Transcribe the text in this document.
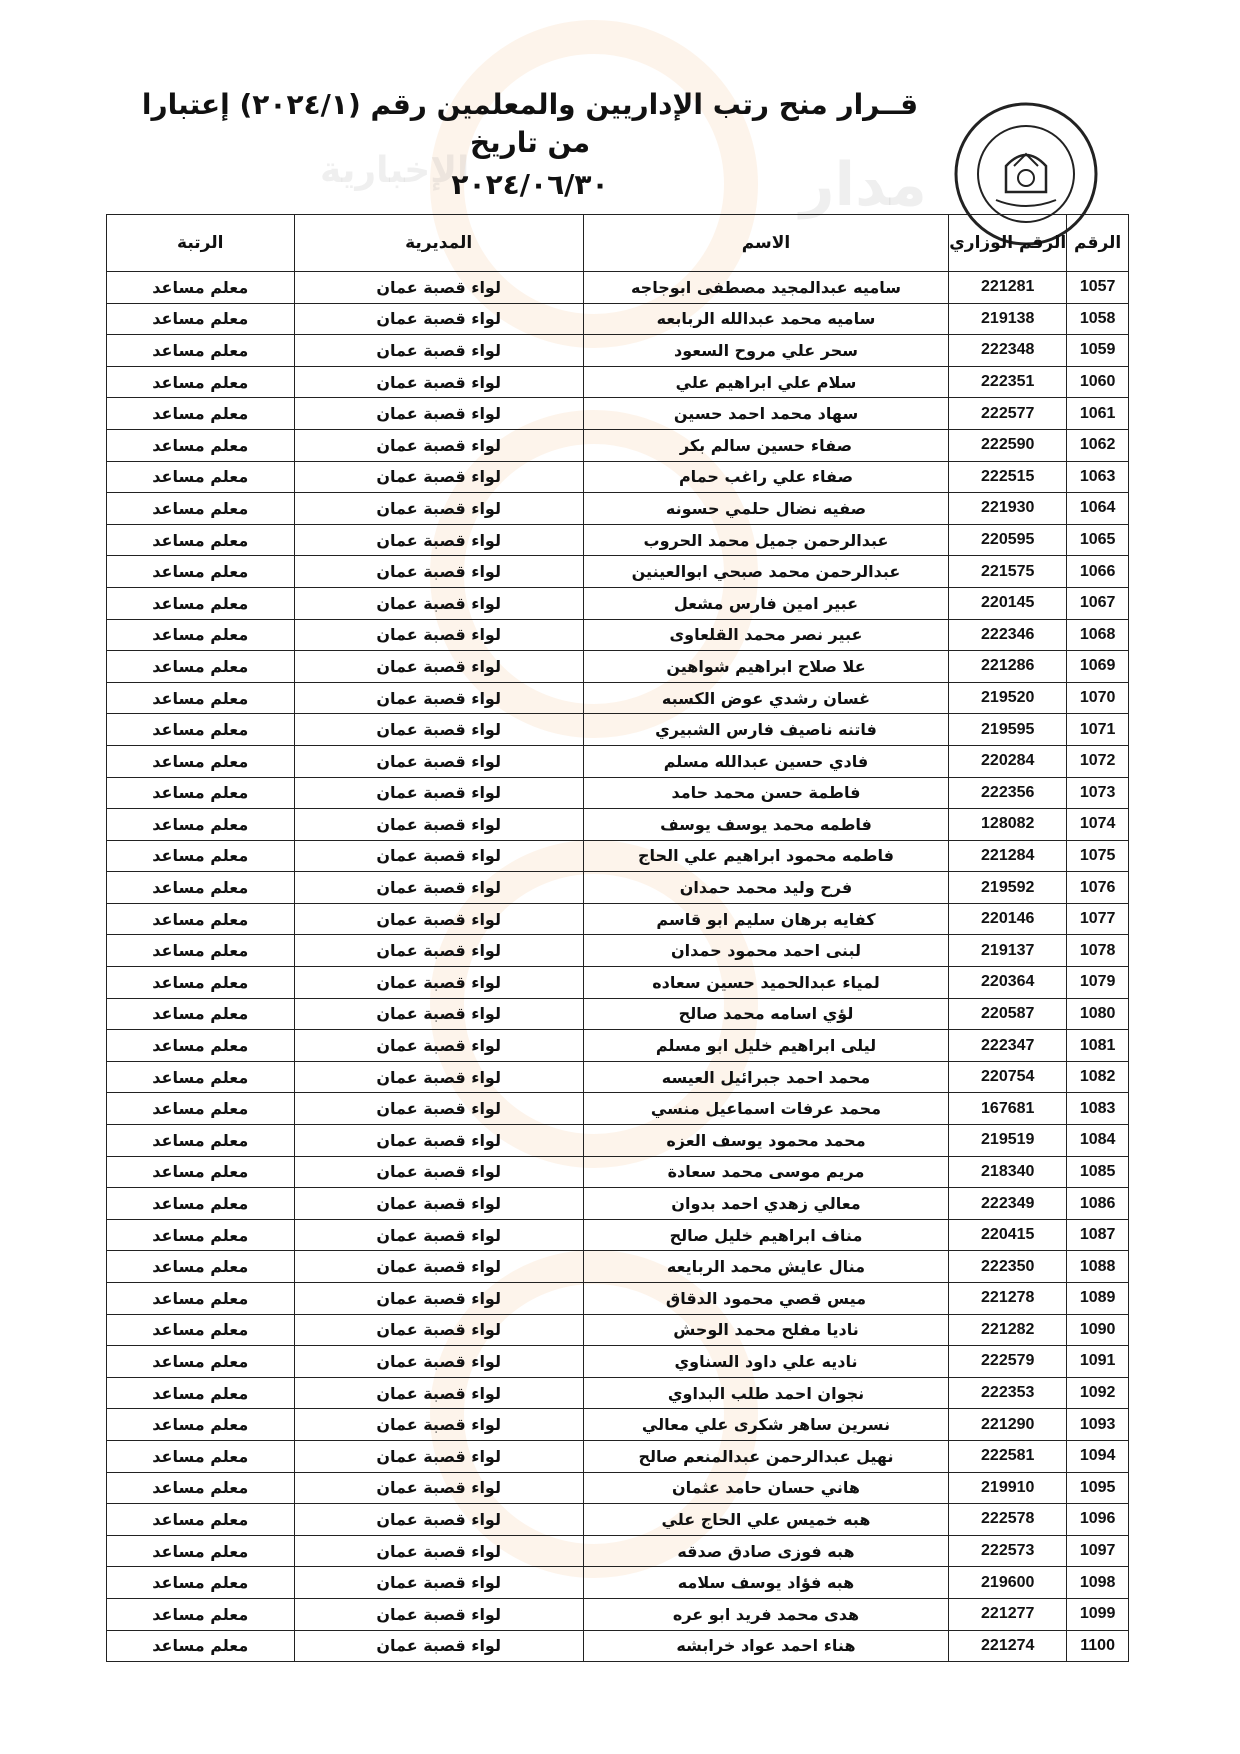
مدار
الإخبارية
قــرار منح رتب الإداريين والمعلمين رقم (٢٠٢٤/١) إعتبارا من تاريخ
٢٠٢٤/٠٦/٣٠
الرقم	الرقم الوزاري	الاسم	المديرية	الرتبة
1057	221281	ساميه عبدالمجيد مصطفى ابوجاجه	لواء قصبة عمان	معلم مساعد
1058	219138	ساميه محمد عبدالله الربابعه	لواء قصبة عمان	معلم مساعد
1059	222348	سحر علي مروح السعود	لواء قصبة عمان	معلم مساعد
1060	222351	سلام علي ابراهيم علي	لواء قصبة عمان	معلم مساعد
1061	222577	سهاد محمد احمد حسين	لواء قصبة عمان	معلم مساعد
1062	222590	صفاء حسين سالم بكر	لواء قصبة عمان	معلم مساعد
1063	222515	صفاء علي راغب حمام	لواء قصبة عمان	معلم مساعد
1064	221930	صفيه نضال حلمي حسونه	لواء قصبة عمان	معلم مساعد
1065	220595	عبدالرحمن جميل محمد الحروب	لواء قصبة عمان	معلم مساعد
1066	221575	عبدالرحمن محمد صبحي ابوالعينين	لواء قصبة عمان	معلم مساعد
1067	220145	عبير امين فارس مشعل	لواء قصبة عمان	معلم مساعد
1068	222346	عبير نصر محمد القلعاوى	لواء قصبة عمان	معلم مساعد
1069	221286	علا صلاح ابراهيم شواهين	لواء قصبة عمان	معلم مساعد
1070	219520	غسان رشدي عوض الكسبه	لواء قصبة عمان	معلم مساعد
1071	219595	فاتنه ناصيف فارس الشبيري	لواء قصبة عمان	معلم مساعد
1072	220284	فادي حسين عبدالله مسلم	لواء قصبة عمان	معلم مساعد
1073	222356	فاطمة حسن محمد حامد	لواء قصبة عمان	معلم مساعد
1074	128082	فاطمه محمد يوسف يوسف	لواء قصبة عمان	معلم مساعد
1075	221284	فاطمه محمود ابراهيم علي الحاج	لواء قصبة عمان	معلم مساعد
1076	219592	فرح وليد محمد حمدان	لواء قصبة عمان	معلم مساعد
1077	220146	كفايه برهان سليم ابو قاسم	لواء قصبة عمان	معلم مساعد
1078	219137	لبنى احمد محمود حمدان	لواء قصبة عمان	معلم مساعد
1079	220364	لمياء عبدالحميد حسين سعاده	لواء قصبة عمان	معلم مساعد
1080	220587	لؤي اسامه محمد صالح	لواء قصبة عمان	معلم مساعد
1081	222347	ليلى ابراهيم خليل ابو مسلم	لواء قصبة عمان	معلم مساعد
1082	220754	محمد احمد جبرائيل العيسه	لواء قصبة عمان	معلم مساعد
1083	167681	محمد عرفات اسماعيل منسي	لواء قصبة عمان	معلم مساعد
1084	219519	محمد محمود يوسف العزه	لواء قصبة عمان	معلم مساعد
1085	218340	مريم موسى محمد سعادة	لواء قصبة عمان	معلم مساعد
1086	222349	معالي زهدي احمد بدوان	لواء قصبة عمان	معلم مساعد
1087	220415	مناف ابراهيم خليل صالح	لواء قصبة عمان	معلم مساعد
1088	222350	منال عايش محمد الربايعه	لواء قصبة عمان	معلم مساعد
1089	221278	ميس قصي محمود الدقاق	لواء قصبة عمان	معلم مساعد
1090	221282	ناديا مفلح محمد الوحش	لواء قصبة عمان	معلم مساعد
1091	222579	ناديه علي داود السناوي	لواء قصبة عمان	معلم مساعد
1092	222353	نجوان احمد طلب البداوي	لواء قصبة عمان	معلم مساعد
1093	221290	نسرين ساهر شكرى علي معالي	لواء قصبة عمان	معلم مساعد
1094	222581	نهيل عبدالرحمن عبدالمنعم صالح	لواء قصبة عمان	معلم مساعد
1095	219910	هاني حسان حامد عثمان	لواء قصبة عمان	معلم مساعد
1096	222578	هبه خميس علي الحاج علي	لواء قصبة عمان	معلم مساعد
1097	222573	هبه فوزى صادق صدقه	لواء قصبة عمان	معلم مساعد
1098	219600	هبه فؤاد يوسف سلامه	لواء قصبة عمان	معلم مساعد
1099	221277	هدى محمد فريد ابو عره	لواء قصبة عمان	معلم مساعد
1100	221274	هناء احمد عواد خرابشه	لواء قصبة عمان	معلم مساعد
